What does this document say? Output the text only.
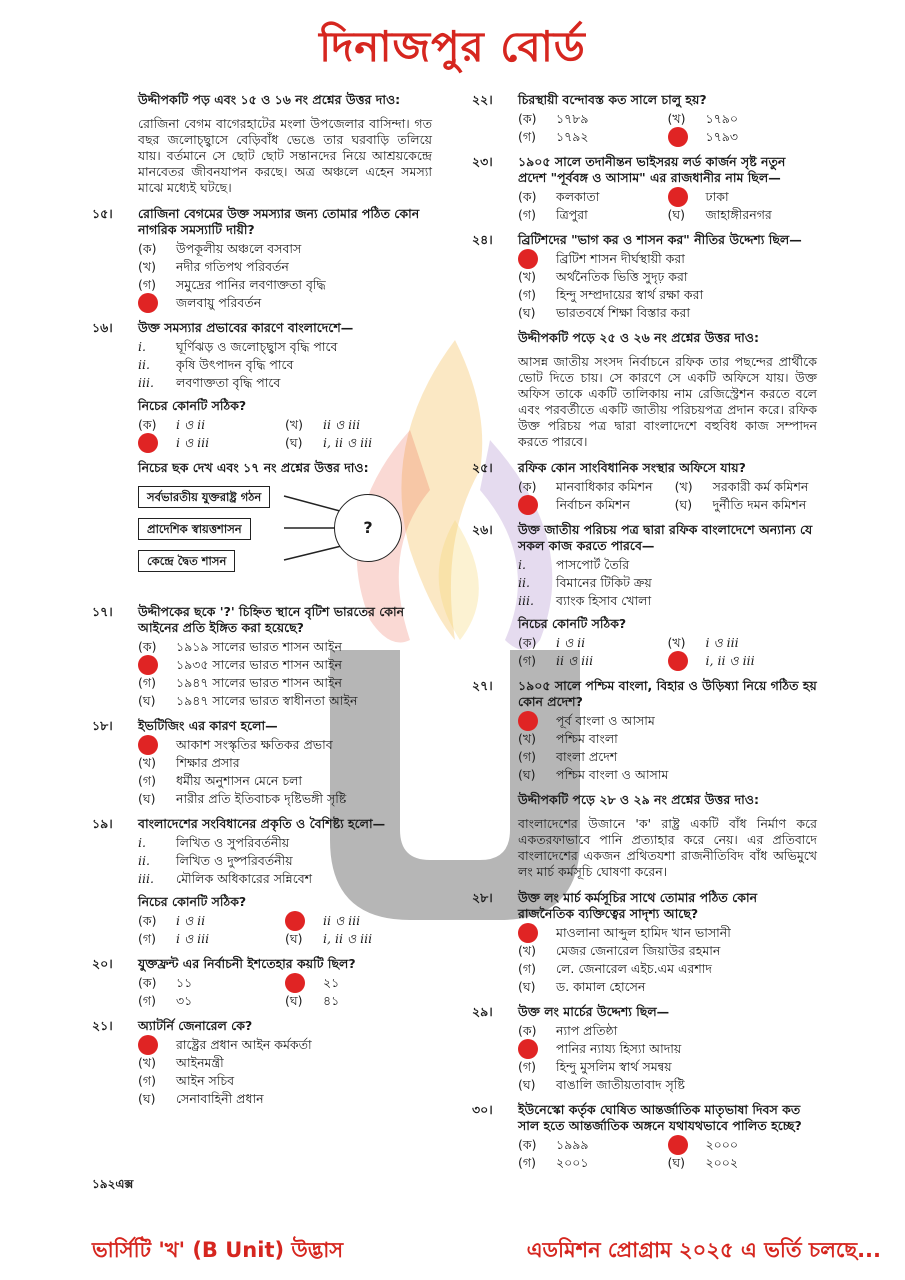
দিনাজপুর বোর্ড
উদ্দীপকটি পড় এবং ১৫ ও ১৬ নং প্রশ্নের উত্তর দাও:
রোজিনা বেগম বাগেরহাটের মংলা উপজেলার বাসিন্দা। গত বছর জলোচ্ছ্বাসে বেড়িবাঁধ ভেঙে তার ঘরবাড়ি তলিয়ে যায়। বর্তমানে সে ছোট ছোট সন্তানদের নিয়ে আশ্রয়কেন্দ্রে মানবেতর জীবনযাপন করছে। অত্র অঞ্চলে এহেন সমস্যা মাঝে মধ্যেই ঘটছে।
১৫।	রোজিনা বেগমের উক্ত সমস্যার জন্য তোমার পঠিত কোন নাগরিক সমস্যাটি দায়ী?
(ক)	উপকূলীয় অঞ্চলে বসবাস
(খ)	নদীর গতিপথ পরিবর্তন
(গ)	সমুদ্রের পানির লবণাক্ততা বৃদ্ধি
জলবায়ু পরিবর্তন
১৬।	উক্ত সমস্যার প্রভাবের কারণে বাংলাদেশে—
i.	ঘূর্ণিঝড় ও জলোচ্ছ্বাস বৃদ্ধি পাবে
ii.	কৃষি উৎপাদন বৃদ্ধি পাবে
iii.	লবণাক্ততা বৃদ্ধি পাবে
নিচের কোনটি সঠিক?
(ক)	i ও ii	(খ)	ii ও iii
i ও iii	(ঘ)	i, ii ও iii
নিচের ছক দেখ এবং ১৭ নং প্রশ্নের উত্তর দাও:
সর্বভারতীয় যুক্তরাষ্ট্র গঠন
প্রাদেশিক স্বায়ত্তশাসন
কেন্দ্রে দ্বৈত শাসন
?
১৭।	উদ্দীপকের ছকে '?' চিহ্নিত স্থানে বৃটিশ ভারতের কোন আইনের প্রতি ইঙ্গিত করা হয়েছে?
(ক)	১৯১৯ সালের ভারত শাসন আইন
১৯৩৫ সালের ভারত শাসন আইন
(গ)	১৯৪৭ সালের ভারত শাসন আইন
(ঘ)	১৯৪৭ সালের ভারত স্বাধীনতা আইন
১৮।	ইভটিজিং এর কারণ হলো—
আকাশ সংস্কৃতির ক্ষতিকর প্রভাব
(খ)	শিক্ষার প্রসার
(গ)	ধর্মীয় অনুশাসন মেনে চলা
(ঘ)	নারীর প্রতি ইতিবাচক দৃষ্টিভঙ্গী সৃষ্টি
১৯।	বাংলাদেশের সংবিধানের প্রকৃতি ও বৈশিষ্ট্য হলো—
i.	লিখিত ও সুপরিবর্তনীয়
ii.	লিখিত ও দুষ্পরিবর্তনীয়
iii.	মৌলিক অধিকারের সন্নিবেশ
নিচের কোনটি সঠিক?
(ক)	i ও ii	ii ও iii
(গ)	i ও iii	(ঘ)	i, ii ও iii
২০।	যুক্তফ্রন্ট এর নির্বাচনী ইশতেহার কয়টি ছিল?
(ক)	১১	২১
(গ)	৩১	(ঘ)	৪১
২১।	অ্যাটর্নি জেনারেল কে?
রাষ্ট্রের প্রধান আইন কর্মকর্তা
(খ)	আইনমন্ত্রী
(গ)	আইন সচিব
(ঘ)	সেনাবাহিনী প্রধান
২২।	চিরস্থায়ী বন্দোবস্ত কত সালে চালু হয়?
(ক)	১৭৮৯	(খ)	১৭৯০
(গ)	১৭৯২	১৭৯৩
২৩।	১৯০৫ সালে তদানীন্তন ভাইসরয় লর্ড কার্জন সৃষ্ট নতুন প্রদেশ "পূর্ববঙ্গ ও আসাম" এর রাজধানীর নাম ছিল—
(ক)	কলকাতা	ঢাকা
(গ)	ত্রিপুরা	(ঘ)	জাহাঙ্গীরনগর
২৪।	ব্রিটিশদের "ভাগ কর ও শাসন কর" নীতির উদ্দেশ্য ছিল—
ব্রিটিশ শাসন দীর্ঘস্থায়ী করা
(খ)	অর্থনৈতিক ভিত্তি সুদৃঢ় করা
(গ)	হিন্দু সম্প্রদায়ের স্বার্থ রক্ষা করা
(ঘ)	ভারতবর্ষে শিক্ষা বিস্তার করা
উদ্দীপকটি পড়ে ২৫ ও ২৬ নং প্রশ্নের উত্তর দাও:
আসন্ন জাতীয় সংসদ নির্বাচনে রফিক তার পছন্দের প্রার্থীকে ভোট দিতে চায়। সে কারণে সে একটি অফিসে যায়। উক্ত অফিস তাকে একটি তালিকায় নাম রেজিস্ট্রেশন করতে বলে এবং পরবর্তীতে একটি জাতীয় পরিচয়পত্র প্রদান করে। রফিক উক্ত পরিচয় পত্র দ্বারা বাংলাদেশে বহুবিধ কাজ সম্পাদন করতে পারবে।
২৫।	রফিক কোন সাংবিধানিক সংস্থার অফিসে যায়?
(ক)	মানবাধিকার কমিশন (খ)	সরকারী কর্ম কমিশন
নির্বাচন কমিশন	(ঘ)	দুর্নীতি দমন কমিশন
২৬।	উক্ত জাতীয় পরিচয় পত্র দ্বারা রফিক বাংলাদেশে অন্যান্য যে সকল কাজ করতে পারবে—
i.	পাসপোর্ট তৈরি
ii.	বিমানের টিকিট ক্রয়
iii.	ব্যাংক হিসাব খোলা
নিচের কোনটি সঠিক?
(ক)	i ও ii	(খ)	i ও iii
(গ)	ii ও iii	i, ii ও iii
২৭।	১৯০৫ সালে পশ্চিম বাংলা, বিহার ও উড়িষ্যা নিয়ে গঠিত হয় কোন প্রদেশ?
পূর্ব বাংলা ও আসাম
(খ)	পশ্চিম বাংলা
(গ)	বাংলা প্রদেশ
(ঘ)	পশ্চিম বাংলা ও আসাম
উদ্দীপকটি পড়ে ২৮ ও ২৯ নং প্রশ্নের উত্তর দাও:
বাংলাদেশের উজানে 'ক' রাষ্ট্র একটি বাঁধ নির্মাণ করে একতরফাভাবে পানি প্রত্যাহার করে নেয়। এর প্রতিবাদে বাংলাদেশের একজন প্রথিতযশা রাজনীতিবিদ বাঁধ অভিমুখে লং মার্চ কর্মসূচি ঘোষণা করেন।
২৮।	উক্ত লং মার্চ কর্মসূচির সাথে তোমার পঠিত কোন রাজনৈতিক ব্যক্তিত্বের সাদৃশ্য আছে?
মাওলানা আব্দুল হামিদ খান ভাসানী
(খ)	মেজর জেনারেল জিয়াউর রহমান
(গ)	লে. জেনারেল এইচ.এম এরশাদ
(ঘ)	ড. কামাল হোসেন
২৯।	উক্ত লং মার্চের উদ্দেশ্য ছিল—
(ক)	ন্যাপ প্রতিষ্ঠা
পানির ন্যায্য হিস্যা আদায়
(গ)	হিন্দু মুসলিম স্বার্থ সমন্বয়
(ঘ)	বাঙালি জাতীয়তাবাদ সৃষ্টি
৩০।	ইউনেস্কো কর্তৃক ঘোষিত আন্তর্জাতিক মাতৃভাষা দিবস কত সাল হতে আন্তর্জাতিক অঙ্গনে যথাযথভাবে পালিত হচ্ছে?
(ক)	১৯৯৯	২০০০
(গ)	২০০১	(ঘ)	২০০২
১৯২এক্স
ভার্সিটি 'খ' (B Unit) উদ্ভাস	এডমিশন প্রোগ্রাম ২০২৫ এ ভর্তি চলছে...
